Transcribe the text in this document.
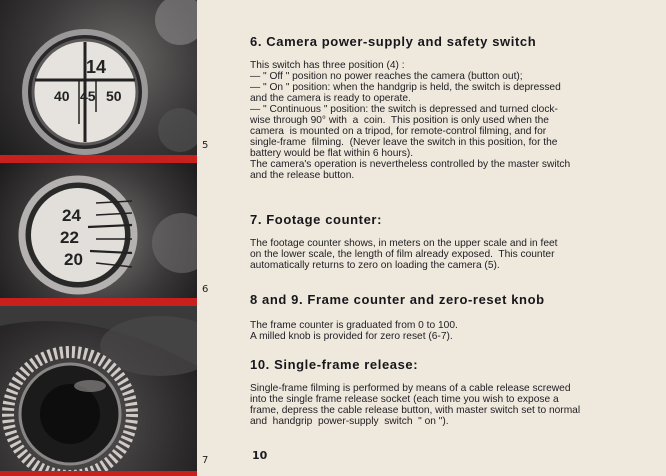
14
40 45 50
24
22
20
5
6
7
6. Camera power-supply and safety switch
This switch has three position (4) :
— " Off " position no power reaches the camera (button out);
— " On " position: when the handgrip is held, the switch is depressed
and the camera is ready to operate.
— " Continuous " position: the switch is depressed and turned clock-
wise through 90° with  a  coin.  This position is only used when the
camera  is mounted on a tripod, for remote-control filming, and for
single-frame  filming.  (Never leave the switch in this position, for the
battery would be flat within 6 hours).
The camera's operation is nevertheless controlled by the master switch
and the release button.
7. Footage counter:
The footage counter shows, in meters on the upper scale and in feet
on the lower scale, the length of film already exposed.  This counter
automatically returns to zero on loading the camera (5).
8 and 9. Frame counter and zero-reset knob
The frame counter is graduated from 0 to 100.
A milled knob is provided for zero reset (6-7).
10. Single-frame release:
Single-frame filming is performed by means of a cable release screwed
into the single frame release socket (each time you wish to expose a
frame, depress the cable release button, with master switch set to normal
and  handgrip  power-supply  switch  " on ").
10
